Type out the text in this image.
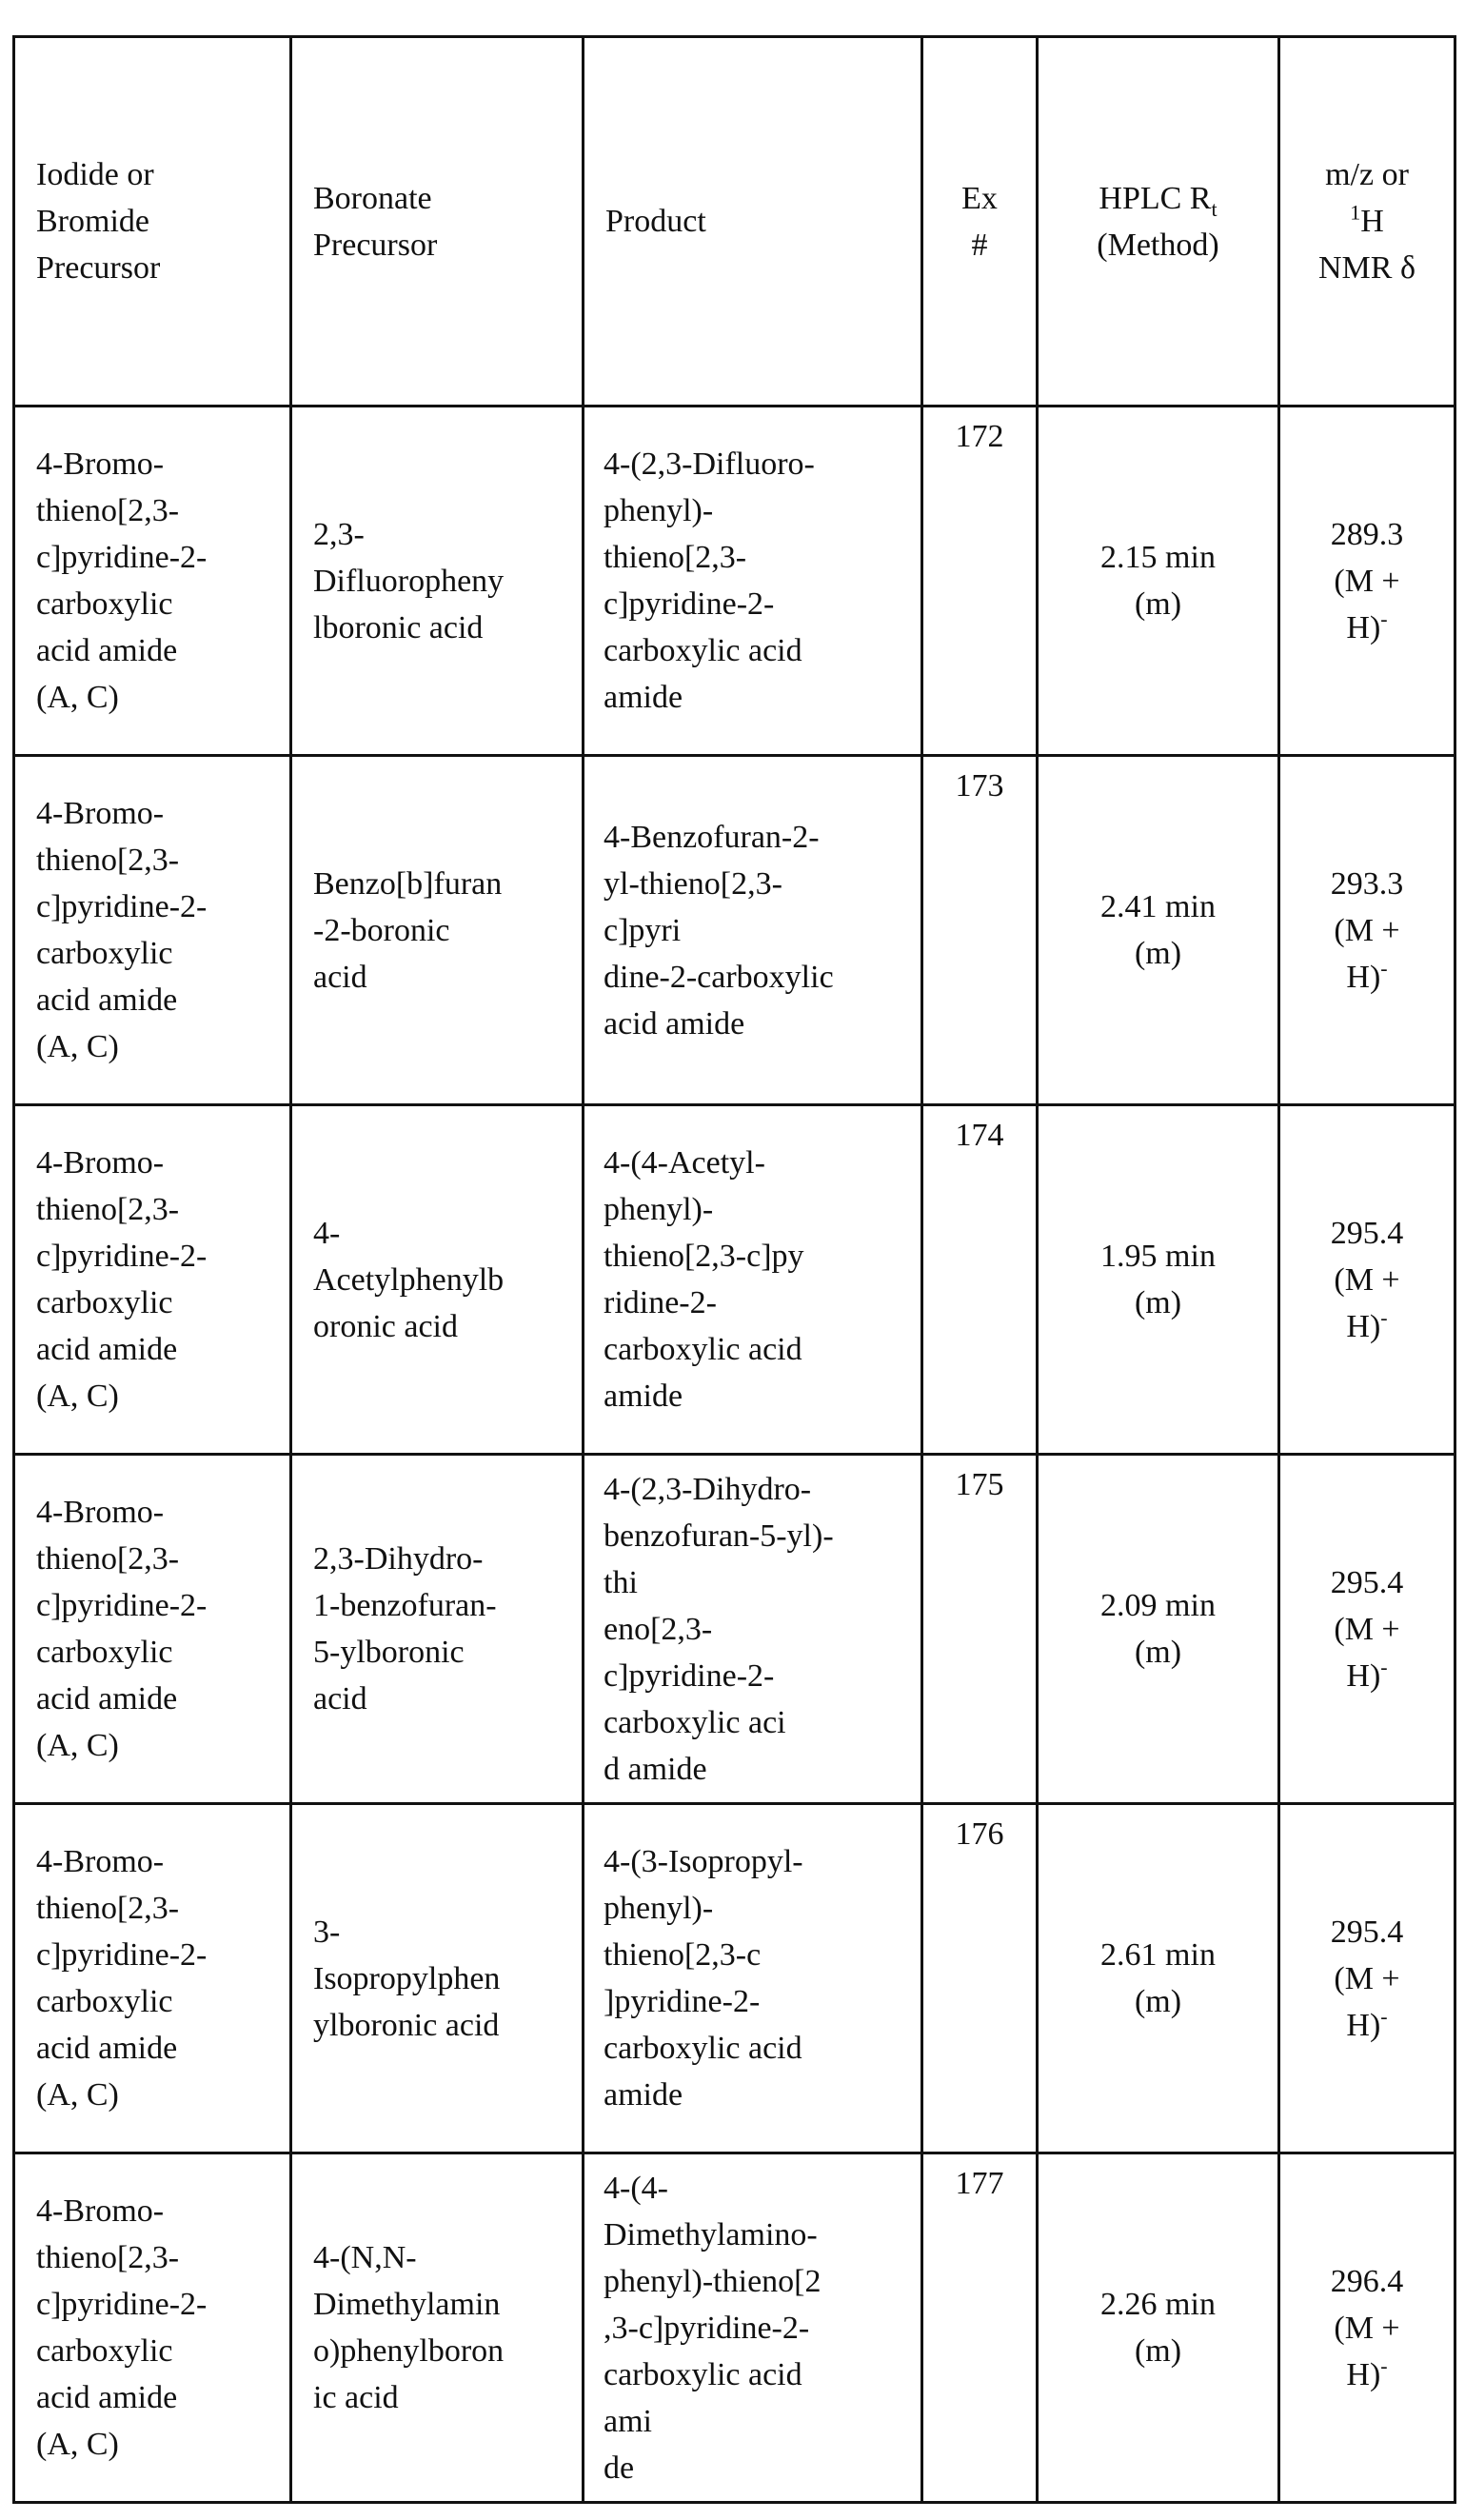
Iodide or
Bromide
Precursor

Boronate
Precursor

Product

Ex
#

HPLC Rt
(Method)

m/z or
1H
NMR δ

4-Bromo-
thieno[2,3-
c]pyridine-2-
carboxylic
acid amide
(A, C)

2,3-
Difluoropheny
lboronic acid

4-(2,3-Difluoro-
phenyl)-
thieno[2,3-
c]pyridine-2-
carboxylic acid
amide
	172	
2.15 min
(m)

289.3
(M +
H)-

4-Bromo-
thieno[2,3-
c]pyridine-2-
carboxylic
acid amide
(A, C)

Benzo[b]furan
-2-boronic
acid

4-Benzofuran-2-
yl-thieno[2,3-
c]pyri
dine-2-carboxylic
acid amide
	173	
2.41 min
(m)

293.3
(M +
H)-

4-Bromo-
thieno[2,3-
c]pyridine-2-
carboxylic
acid amide
(A, C)

4-
Acetylphenylb
oronic acid

4-(4-Acetyl-
phenyl)-
thieno[2,3-c]py
ridine-2-
carboxylic acid
amide
	174	
1.95 min
(m)

295.4
(M +
H)-

4-Bromo-
thieno[2,3-
c]pyridine-2-
carboxylic
acid amide
(A, C)

2,3-Dihydro-
1-benzofuran-
5-ylboronic
acid

4-(2,3-Dihydro-
benzofuran-5-yl)-
thi
eno[2,3-
c]pyridine-2-
carboxylic aci
d amide
	175	
2.09 min
(m)

295.4
(M +
H)-

4-Bromo-
thieno[2,3-
c]pyridine-2-
carboxylic
acid amide
(A, C)

3-
Isopropylphen
ylboronic acid

4-(3-Isopropyl-
phenyl)-
thieno[2,3-c
]pyridine-2-
carboxylic acid
amide
	176	
2.61 min
(m)

295.4
(M +
H)-

4-Bromo-
thieno[2,3-
c]pyridine-2-
carboxylic
acid amide
(A, C)

4-(N,N-
Dimethylamin
o)phenylboron
ic acid

4-(4-
Dimethylamino-
phenyl)-thieno[2
,3-c]pyridine-2-
carboxylic acid
ami
de
	177	
2.26 min
(m)

296.4
(M +
H)-
